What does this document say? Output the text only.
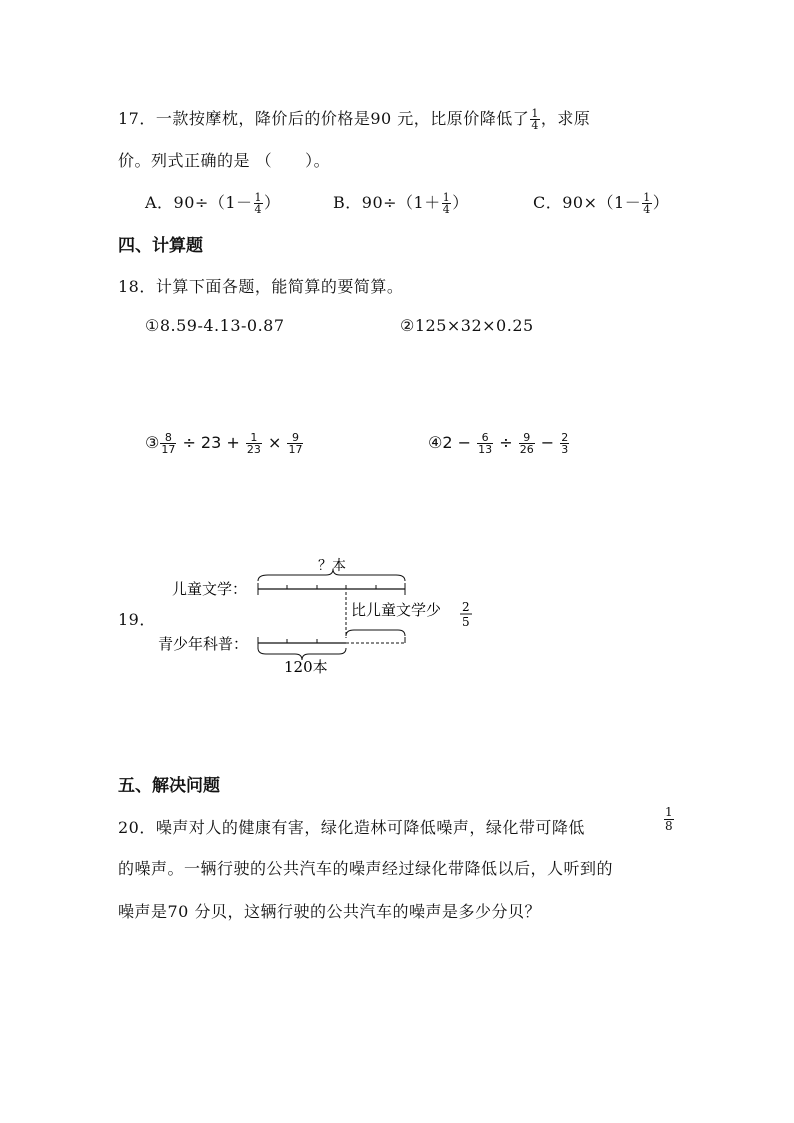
17．一款按摩枕，降价后的价格是90 元，比原价降低了 $\frac{1}{4}$ ，求原
价。列式正确的是 （　　）。
A．$90\div(1- \frac{1}{4}$ ）	B．$90\div(1+ \frac{1}{4}$ ）	C．$90\times(1- \frac{1}{4}$ ）
四、计算题
18．计算下面各题，能简算的要简算。
①8.59-4.13-0.87	②125×32×0.25
③ $\frac{8}{17} \div 23 + \frac{1}{23} \times \frac{9}{17}$	④2 − $\frac{6}{13} \div \frac{9}{26} - \frac{2}{3}$
19．
儿童文学：
？本
比儿童文学少 2
5
青少年科普：
120本
五、解决问题
20．噪声对人的健康有害，绿化造林可降低噪声，绿化带可降低	$\frac{1}{8}$
的噪声。一辆行驶的公共汽车的噪声经过绿化带降低以后，人听到的
噪声是70 分贝，这辆行驶的公共汽车的噪声是多少分贝？
